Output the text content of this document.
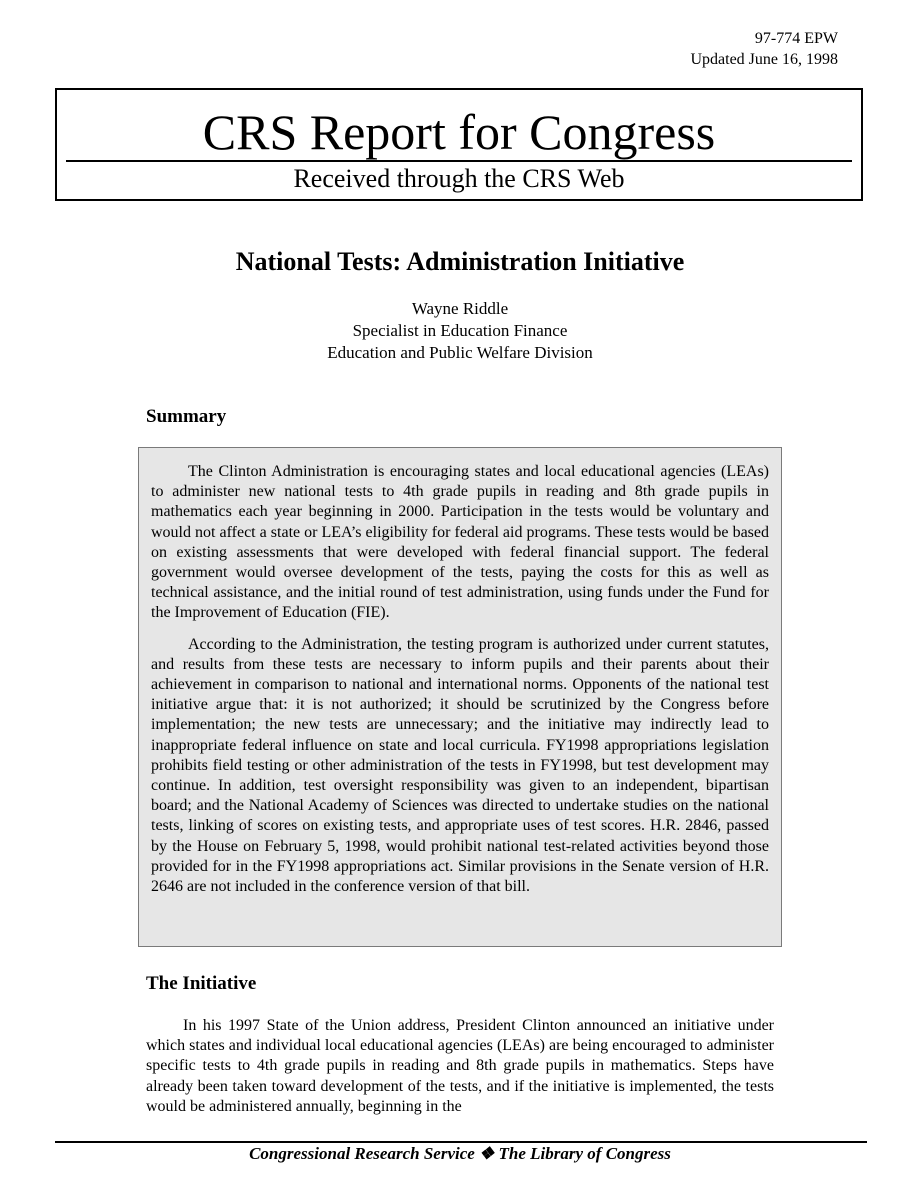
97-774 EPW
Updated June 16, 1998
CRS Report for Congress
Received through the CRS Web
National Tests: Administration Initiative
Wayne Riddle
Specialist in Education Finance
Education and Public Welfare Division
Summary

The Clinton Administration is encouraging states and local educational agencies (LEAs) to administer new national tests to 4th grade pupils in reading and 8th grade pupils in mathematics each year beginning in 2000. Participation in the tests would be voluntary and would not affect a state or LEA’s eligibility for federal aid programs. These tests would be based on existing assessments that were developed with federal financial support. The federal government would oversee development of the tests, paying the costs for this as well as technical assistance, and the initial round of test administration, using funds under the Fund for the Improvement of Education (FIE).

According to the Administration, the testing program is authorized under current statutes, and results from these tests are necessary to inform pupils and their parents about their achievement in comparison to national and international norms. Opponents of the national test initiative argue that: it is not authorized; it should be scrutinized by the Congress before implementation; the new tests are unnecessary; and the initiative may indirectly lead to inappropriate federal influence on state and local curricula. FY1998 appropriations legislation prohibits field testing or other administration of the tests in FY1998, but test development may continue. In addition, test oversight responsibility was given to an independent, bipartisan board; and the National Academy of Sciences was directed to undertake studies on the national tests, linking of scores on existing tests, and appropriate uses of test scores. H.R. 2846, passed by the House on February 5, 1998, would prohibit national test-related activities beyond those provided for in the FY1998 appropriations act. Similar provisions in the Senate version of H.R. 2646 are not included in the conference version of that bill.

The Initiative

In his 1997 State of the Union address, President Clinton announced an initiative under which states and individual local educational agencies (LEAs) are being encouraged to administer specific tests to 4th grade pupils in reading and 8th grade pupils in mathematics. Steps have already been taken toward development of the tests, and if the initiative is implemented, the tests would be administered annually, beginning in the

Congressional Research Service ❖ The Library of Congress
